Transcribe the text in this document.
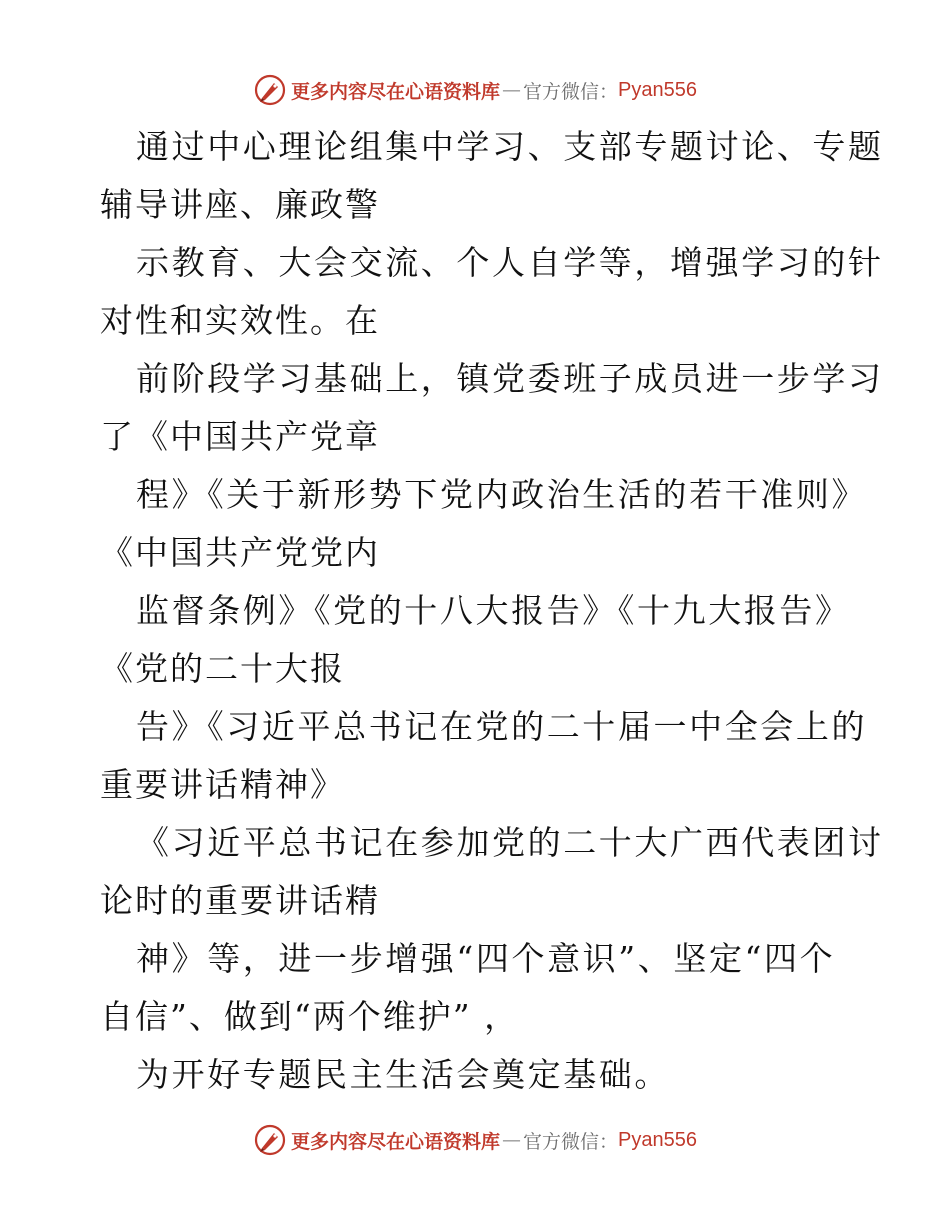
更多内容尽在心语资料库 — 官方微信： Pyan556
通过中心理论组集中学习、支部专题讨论、专题
辅导讲座、廉政警
示教育、大会交流、个人自学等，增强学习的针
对性和实效性。在
前阶段学习基础上，镇党委班子成员进一步学习
了《中国共产党章
程》《关于新形势下党内政治生活的若干准则》
《中国共产党党内
监督条例》《党的十八大报告》《十九大报告》
《党的二十大报
告》《习近平总书记在党的二十届一中全会上的
重要讲话精神》
《习近平总书记在参加党的二十大广西代表团讨
论时的重要讲话精
神》等，进一步增强“四个意识”、坚定“四个
自信”、做到“两个维护” ，
为开好专题民主生活会奠定基础。
更多内容尽在心语资料库 — 官方微信： Pyan556
